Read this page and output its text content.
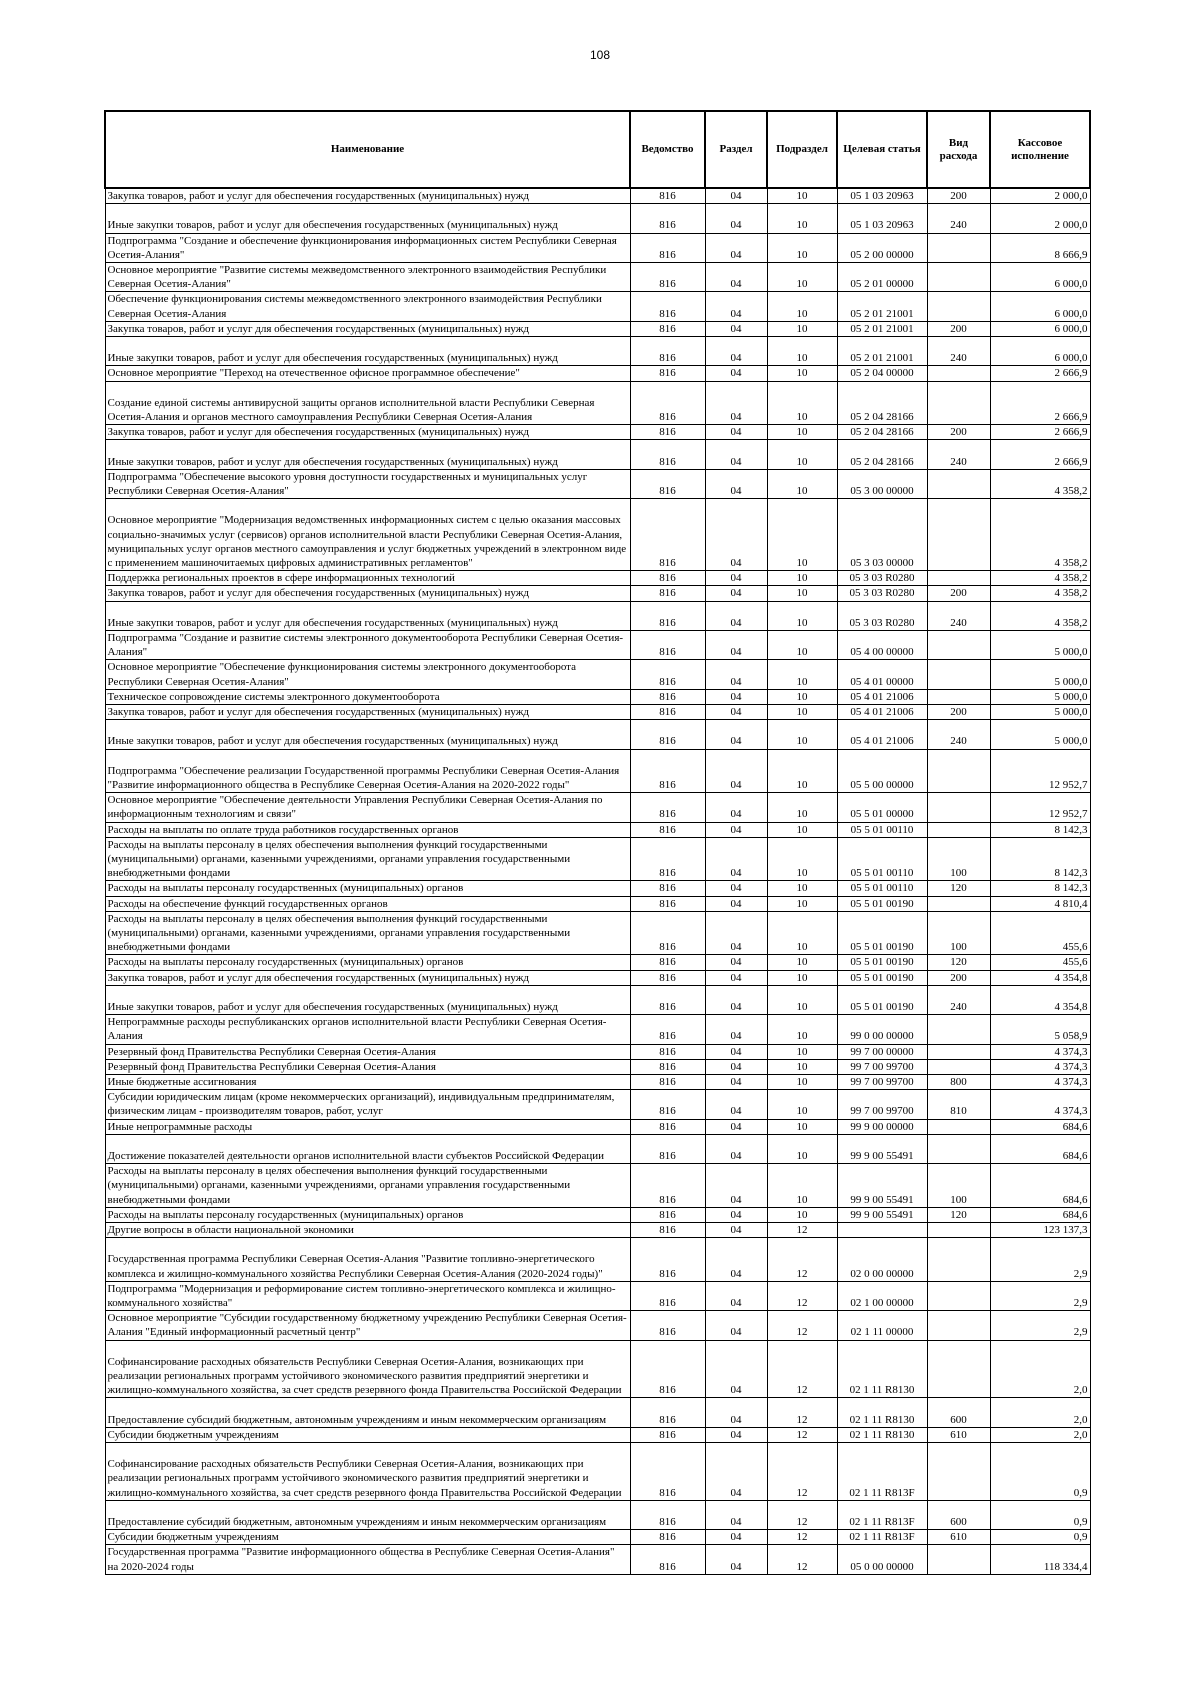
108
Наименование	Ведомство	Раздел	Подраздел	Целевая статья	Вид расхода	Кассовое исполнение
Закупка товаров, работ и услуг для обеспечения государственных (муниципальных) нужд	816	04	10	05 1 03 20963	200	2 000,0
Иные закупки товаров, работ и услуг для обеспечения государственных (муниципальных) нужд	816	04	10	05 1 03 20963	240	2 000,0
Подпрограмма "Создание и обеспечение функционирования информационных систем Республики Северная Осетия-Алания"	816	04	10	05 2 00 00000		8 666,9
Основное мероприятие "Развитие системы межведомственного электронного взаимодействия Республики Северная Осетия-Алания"	816	04	10	05 2 01 00000		6 000,0
Обеспечение функционирования системы межведомственного электронного взаимодействия Республики Северная Осетия-Алания	816	04	10	05 2 01 21001		6 000,0
Закупка товаров, работ и услуг для обеспечения государственных (муниципальных) нужд	816	04	10	05 2 01 21001	200	6 000,0
Иные закупки товаров, работ и услуг для обеспечения государственных (муниципальных) нужд	816	04	10	05 2 01 21001	240	6 000,0
Основное мероприятие "Переход на отечественное офисное программное обеспечение"	816	04	10	05 2 04 00000		2 666,9
Создание единой системы антивирусной защиты органов исполнительной власти Республики Северная Осетия-Алания и органов местного самоуправления Республики Северная Осетия-Алания	816	04	10	05 2 04 28166		2 666,9
Закупка товаров, работ и услуг для обеспечения государственных (муниципальных) нужд	816	04	10	05 2 04 28166	200	2 666,9
Иные закупки товаров, работ и услуг для обеспечения государственных (муниципальных) нужд	816	04	10	05 2 04 28166	240	2 666,9
Подпрограмма "Обеспечение высокого уровня доступности государственных и муниципальных услуг Республики Северная Осетия-Алания"	816	04	10	05 3 00 00000		4 358,2
Основное мероприятие "Модернизация ведомственных информационных систем с целью оказания массовых социально-значимых услуг (сервисов) органов исполнительной власти Республики Северная Осетия-Алания, муниципальных услуг органов местного самоуправления и услуг бюджетных учреждений в электронном виде с применением машиночитаемых цифровых административных регламентов"	816	04	10	05 3 03 00000		4 358,2
Поддержка региональных проектов в сфере информационных технологий	816	04	10	05 3 03 R0280		4 358,2
Закупка товаров, работ и услуг для обеспечения государственных (муниципальных) нужд	816	04	10	05 3 03 R0280	200	4 358,2
Иные закупки товаров, работ и услуг для обеспечения государственных (муниципальных) нужд	816	04	10	05 3 03 R0280	240	4 358,2
Подпрограмма "Создание и развитие системы электронного документооборота Республики Северная Осетия-Алания"	816	04	10	05 4 00 00000		5 000,0
Основное мероприятие "Обеспечение функционирования системы электронного документооборота Республики Северная Осетия-Алания"	816	04	10	05 4 01 00000		5 000,0
Техническое сопровождение системы электронного документооборота	816	04	10	05 4 01 21006		5 000,0
Закупка товаров, работ и услуг для обеспечения государственных (муниципальных) нужд	816	04	10	05 4 01 21006	200	5 000,0
Иные закупки товаров, работ и услуг для обеспечения государственных (муниципальных) нужд	816	04	10	05 4 01 21006	240	5 000,0
Подпрограмма "Обеспечение реализации Государственной программы Республики Северная Осетия-Алания "Развитие информационного общества в Республике Северная Осетия-Алания на 2020-2022 годы"	816	04	10	05 5 00 00000		12 952,7
Основное мероприятие "Обеспечение деятельности Управления Республики Северная Осетия-Алания по информационным технологиям и связи"	816	04	10	05 5 01 00000		12 952,7
Расходы на выплаты по оплате труда работников государственных органов	816	04	10	05 5 01 00110		8 142,3
Расходы на выплаты персоналу в целях обеспечения выполнения функций государственными (муниципальными) органами, казенными учреждениями, органами управления государственными внебюджетными фондами	816	04	10	05 5 01 00110	100	8 142,3
Расходы на выплаты персоналу государственных (муниципальных) органов	816	04	10	05 5 01 00110	120	8 142,3
Расходы на обеспечение функций государственных органов	816	04	10	05 5 01 00190		4 810,4
Расходы на выплаты персоналу в целях обеспечения выполнения функций государственными (муниципальными) органами, казенными учреждениями, органами управления государственными внебюджетными фондами	816	04	10	05 5 01 00190	100	455,6
Расходы на выплаты персоналу государственных (муниципальных) органов	816	04	10	05 5 01 00190	120	455,6
Закупка товаров, работ и услуг для обеспечения государственных (муниципальных) нужд	816	04	10	05 5 01 00190	200	4 354,8
Иные закупки товаров, работ и услуг для обеспечения государственных (муниципальных) нужд	816	04	10	05 5 01 00190	240	4 354,8
Непрограммные расходы республиканских органов исполнительной власти Республики Северная Осетия-Алания	816	04	10	99 0 00 00000		5 058,9
Резервный фонд Правительства Республики Северная Осетия-Алания	816	04	10	99 7 00 00000		4 374,3
Резервный фонд Правительства Республики Северная Осетия-Алания	816	04	10	99 7 00 99700		4 374,3
Иные бюджетные ассигнования	816	04	10	99 7 00 99700	800	4 374,3
Субсидии юридическим лицам (кроме некоммерческих организаций), индивидуальным предпринимателям, физическим лицам - производителям товаров, работ, услуг	816	04	10	99 7 00 99700	810	4 374,3
Иные непрограммные расходы	816	04	10	99 9 00 00000		684,6
Достижение показателей деятельности органов исполнительной власти субъектов Российской Федерации	816	04	10	99 9 00 55491		684,6
Расходы на выплаты персоналу в целях обеспечения выполнения функций государственными (муниципальными) органами, казенными учреждениями, органами управления государственными внебюджетными фондами	816	04	10	99 9 00 55491	100	684,6
Расходы на выплаты персоналу государственных (муниципальных) органов	816	04	10	99 9 00 55491	120	684,6
Другие вопросы в области национальной экономики	816	04	12			123 137,3
Государственная программа Республики Северная Осетия-Алания "Развитие топливно-энергетического комплекса и жилищно-коммунального хозяйства Республики Северная Осетия-Алания (2020-2024 годы)"	816	04	12	02 0 00 00000		2,9
Подпрограмма "Модернизация и реформирование систем топливно-энергетического комплекса и жилищно-коммунального хозяйства"	816	04	12	02 1 00 00000		2,9
Основное мероприятие "Субсидии государственному бюджетному учреждению Республики Северная Осетия-Алания "Единый информационный расчетный центр"	816	04	12	02 1 11 00000		2,9
Софинансирование расходных обязательств Республики Северная Осетия-Алания, возникающих при реализации региональных программ устойчивого экономического развития предприятий энергетики и жилищно-коммунального хозяйства, за счет средств резервного фонда Правительства Российской Федерации	816	04	12	02 1 11 R8130		2,0
Предоставление субсидий бюджетным, автономным учреждениям и иным некоммерческим организациям	816	04	12	02 1 11 R8130	600	2,0
Субсидии бюджетным учреждениям	816	04	12	02 1 11 R8130	610	2,0
Софинансирование расходных обязательств Республики Северная Осетия-Алания, возникающих при реализации региональных программ устойчивого экономического развития предприятий энергетики и жилищно-коммунального хозяйства, за счет средств резервного фонда Правительства Российской Федерации	816	04	12	02 1 11 R813F		0,9
Предоставление субсидий бюджетным, автономным учреждениям и иным некоммерческим организациям	816	04	12	02 1 11 R813F	600	0,9
Субсидии бюджетным учреждениям	816	04	12	02 1 11 R813F	610	0,9
Государственная программа "Развитие информационного общества в Республике Северная Осетия-Алания" на 2020-2024 годы	816	04	12	05 0 00 00000		118 334,4
